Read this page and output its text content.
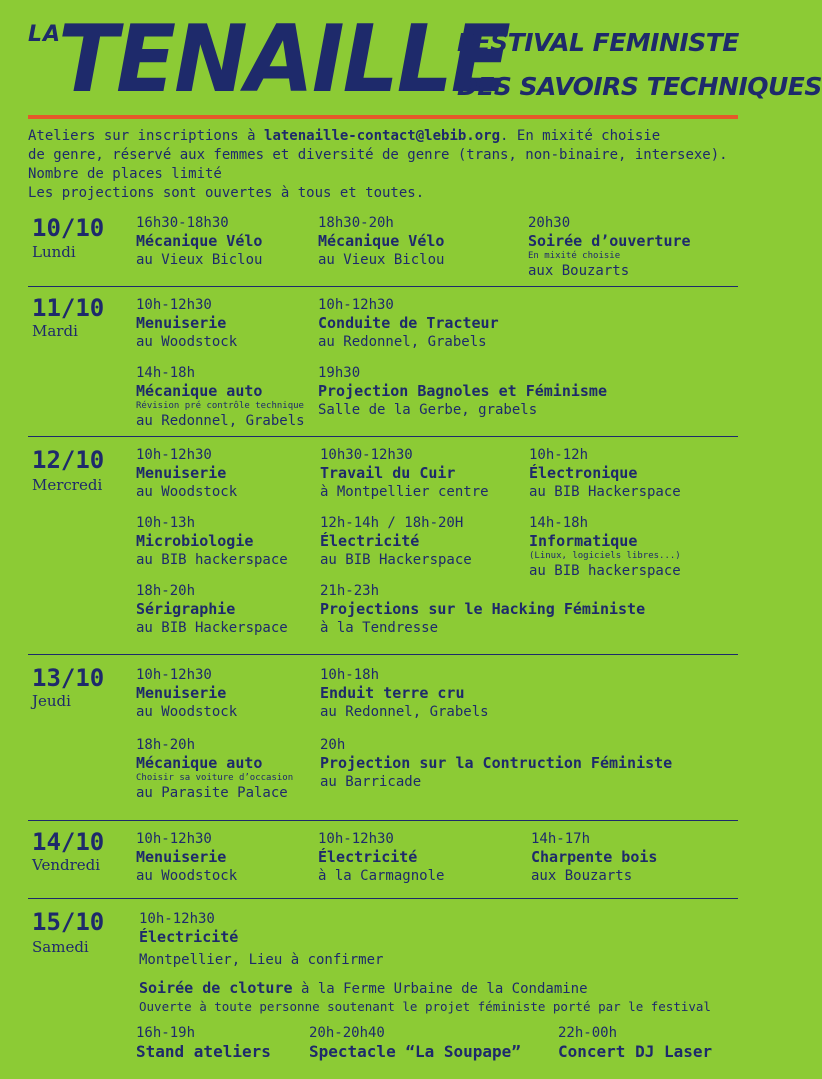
LA
TENAILLE
FESTIVAL FEMINISTE
DES SAVOIRS TECHNIQUES
Ateliers sur inscriptions à latenaille-contact@lebib.org. En mixité choisie
de genre, réservé aux femmes et diversité de genre (trans, non-binaire, intersexe).
Nombre de places limité
Les projections sont ouvertes à tous et toutes.
10/10
Lundi
16h30-18h30
Mécanique Vélo
au Vieux Biclou
18h30-20h
Mécanique Vélo
au Vieux Biclou
20h30
Soirée d’ouverture
En mixité choisie
aux Bouzarts
11/10
Mardi
10h-12h30
Menuiserie
au Woodstock
10h-12h30
Conduite de Tracteur
au Redonnel, Grabels
14h-18h
Mécanique auto
Révision pré contrôle technique
au Redonnel, Grabels
19h30
Projection Bagnoles et Féminisme
Salle de la Gerbe, grabels
12/10
Mercredi
10h-12h30
Menuiserie
au Woodstock
10h30-12h30
Travail du Cuir
à Montpellier centre
10h-12h
Électronique
au BIB Hackerspace
10h-13h
Microbiologie
au BIB hackerspace
12h-14h / 18h-20H
Électricité
au BIB Hackerspace
14h-18h
Informatique
(Linux, logiciels libres...)
au BIB hackerspace
18h-20h
Sérigraphie
au BIB Hackerspace
21h-23h
Projections sur le Hacking Féministe
à la Tendresse
13/10
Jeudi
10h-12h30
Menuiserie
au Woodstock
10h-18h
Enduit terre cru
au Redonnel, Grabels
18h-20h
Mécanique auto
Choisir sa voiture d’occasion
au Parasite Palace
20h
Projection sur la Contruction Féministe
au Barricade
14/10
Vendredi
10h-12h30
Menuiserie
au Woodstock
10h-12h30
Électricité
à la Carmagnole
14h-17h
Charpente bois
aux Bouzarts
15/10
Samedi
10h-12h30
Électricité
Montpellier, Lieu à confirmer
Soirée de cloture à la Ferme Urbaine de la Condamine
Ouverte à toute personne soutenant le projet féministe porté par le festival
16h-19h
Stand ateliers
20h-20h40
Spectacle “La Soupape”
22h-00h
Concert DJ Laser
